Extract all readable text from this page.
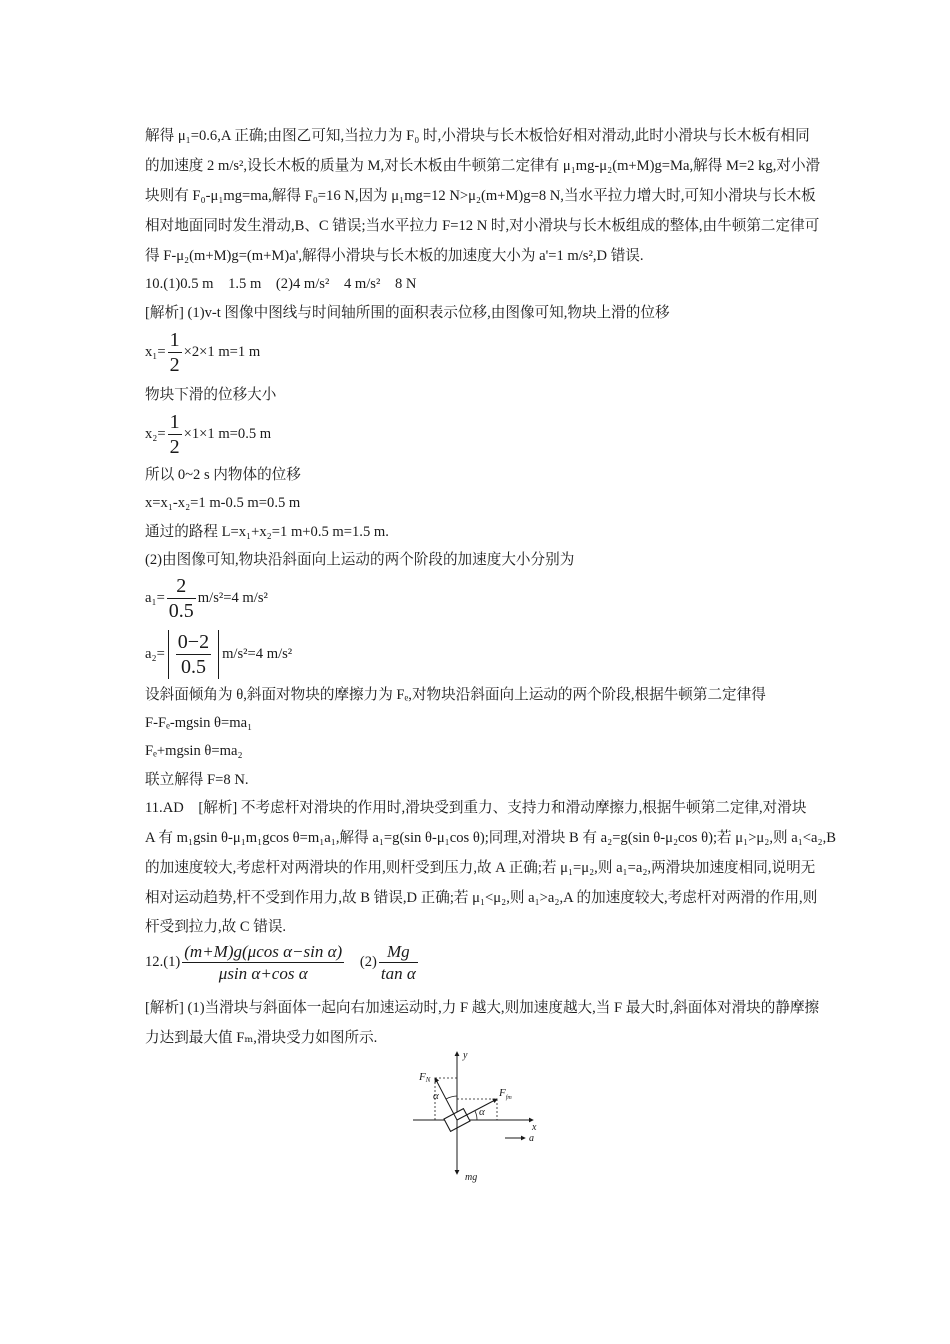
解得 μ₁=0.6,A 正确;由图乙可知,当拉力为 F₀ 时,小滑块与长木板恰好相对滑动,此时小滑块与长木板有相同
的加速度 2 m/s²,设长木板的质量为 M,对长木板由牛顿第二定律有 μ₁mg-μ₂(m+M)g=Ma,解得 M=2 kg,对小滑
块则有 F₀-μ₁mg=ma,解得 F₀=16 N,因为 μ₁mg=12 N>μ₂(m+M)g=8 N,当水平拉力增大时,可知小滑块与长木板
相对地面同时发生滑动,B、C 错误;当水平拉力 F=12 N 时,对小滑块与长木板组成的整体,由牛顿第二定律可
得 F-μ₂(m+M)g=(m+M)a',解得小滑块与长木板的加速度大小为 a'=1 m/s²,D 错误.
10.(1)0.5 m　1.5 m　(2)4 m/s²　4 m/s²　8 N
[解析] (1)v-t 图像中图线与时间轴所围的面积表示位移,由图像可知,物块上滑的位移
$x_1= \frac{1}{2} \times 2\times 1$ m=1 m
物块下滑的位移大小
$x_2= \frac{1}{2} \times 1\times 1$ m=0.5 m
所以 0~2 s 内物体的位移
x=x₁-x₂=1 m-0.5 m=0.5 m
通过的路程 L=x₁+x₂=1 m+0.5 m=1.5 m.
(2)由图像可知,物块沿斜面向上运动的两个阶段的加速度大小分别为
$a_1= \frac{2}{0.5} m/s^2=4$ m/s²
$a_2= \frac{0-2}{0.5} m/s^2=4$ m/s²
设斜面倾角为 θ,斜面对物块的摩擦力为 Fₑ,对物块沿斜面向上运动的两个阶段,根据牛顿第二定律得
F-Fₑ-mgsin θ=ma₁
Fₑ+mgsin θ=ma₂
联立解得 F=8 N.
11.AD　[解析] 不考虑杆对滑块的作用时,滑块受到重力、支持力和滑动摩擦力,根据牛顿第二定律,对滑块
A 有 m₁gsin θ-μ₁m₁gcos θ=m₁a₁,解得 a₁=g(sin θ-μ₁cos θ);同理,对滑块 B 有 a₂=g(sin θ-μ₂cos θ);若 μ₁>μ₂,则 a₁<a₂,B
的加速度较大,考虑杆对两滑块的作用,则杆受到压力,故 A 正确;若 μ₁=μ₂,则 a₁=a₂,两滑块加速度相同,说明无
相对运动趋势,杆不受到作用力,故 B 错误,D 正确;若 μ₁<μ₂,则 a₁>a₂,A 的加速度较大,考虑杆对两滑的作用,则
杆受到拉力,故 C 错误.
$12.(1) \frac{\text{(m+M)g(μcos α−sin α)}}{\text{μsin α+cos α}} (2) \frac{Mg}{\text{tan α}}$
[解析] (1)当滑块与斜面体一起向右加速运动时,力 F 越大,则加速度越大,当 F 最大时,斜面体对滑块的静摩擦
力达到最大值 Fₘ,滑块受力如图所示.
y
x
FN
$F_{fm}$
α
α
a
mg
